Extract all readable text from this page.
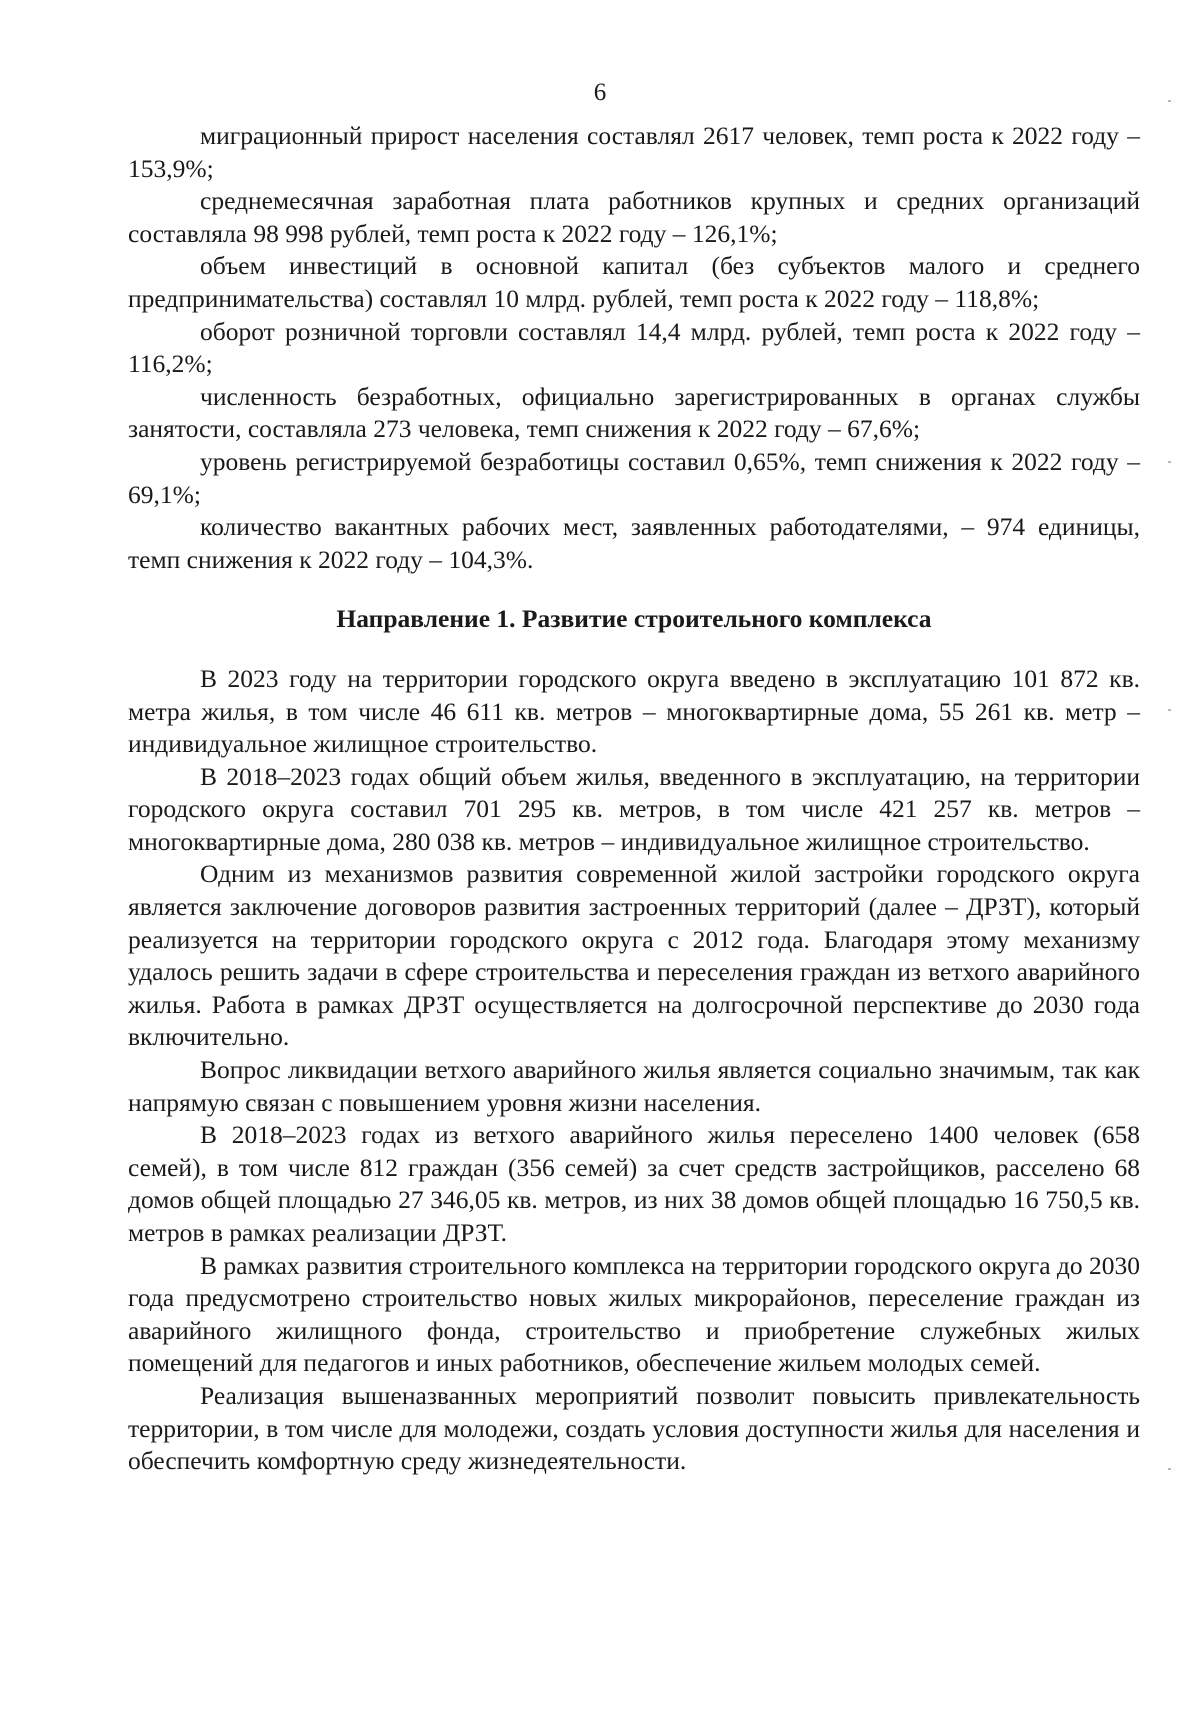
6

миграционный прирост населения составлял 2617 человек, темп роста к 2022 году – 153,9%;

среднемесячная заработная плата работников крупных и средних организаций составляла 98 998 рублей, темп роста к 2022 году – 126,1%;

объем инвестиций в основной капитал (без субъектов малого и среднего предпринимательства) составлял 10 млрд. рублей, темп роста к 2022 году – 118,8%;

оборот розничной торговли составлял 14,4 млрд. рублей, темп роста к 2022 году – 116,2%;

численность безработных, официально зарегистрированных в органах службы занятости, составляла 273 человека, темп снижения к 2022 году – 67,6%;

уровень регистрируемой безработицы составил 0,65%, темп снижения к 2022 году – 69,1%;

количество вакантных рабочих мест, заявленных работодателями, – 974 единицы, темп снижения к 2022 году – 104,3%.

Направление 1. Развитие строительного комплекса

В 2023 году на территории городского округа введено в эксплуатацию 101 872 кв. метра жилья, в том числе 46 611 кв. метров – многоквартирные дома, 55 261 кв. метр – индивидуальное жилищное строительство.

В 2018–2023 годах общий объем жилья, введенного в эксплуатацию, на территории городского округа составил 701 295 кв. метров, в том числе 421 257 кв. метров – многоквартирные дома, 280 038 кв. метров – индивидуальное жилищное строительство.

Одним из механизмов развития современной жилой застройки городского округа является заключение договоров развития застроенных территорий (далее – ДРЗТ), который реализуется на территории городского округа с 2012 года. Благодаря этому механизму удалось решить задачи в сфере строительства и переселения граждан из ветхого аварийного жилья. Работа в рамках ДРЗТ осуществляется на долгосрочной перспективе до 2030 года включительно.

Вопрос ликвидации ветхого аварийного жилья является социально значимым, так как напрямую связан с повышением уровня жизни населения.

В 2018–2023 годах из ветхого аварийного жилья переселено 1400 человек (658 семей), в том числе 812 граждан (356 семей) за счет средств застройщиков, расселено 68 домов общей площадью 27 346,05 кв. метров, из них 38 домов общей площадью 16 750,5 кв. метров в рамках реализации ДРЗТ.

В рамках развития строительного комплекса на территории городского округа до 2030 года предусмотрено строительство новых жилых микрорайонов, переселение граждан из аварийного жилищного фонда, строительство и приобретение служебных жилых помещений для педагогов и иных работников, обеспечение жильем молодых семей.

Реализация вышеназванных мероприятий позволит повысить привлекательность территории, в том числе для молодежи, создать условия доступности жилья для населения и обеспечить комфортную среду жизнедеятельности.
